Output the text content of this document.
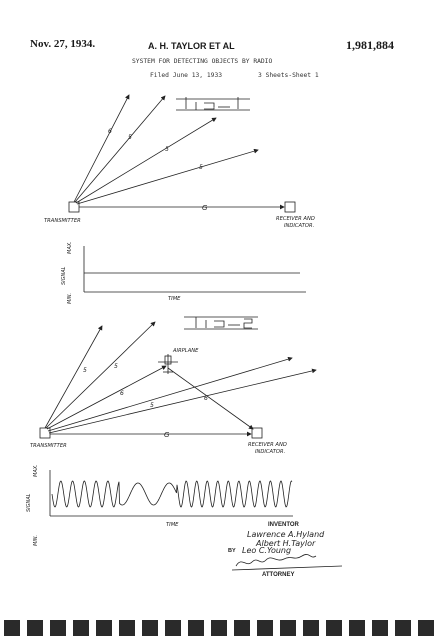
Nov. 27, 1934.	A. H. TAYLOR ET AL	1,981,884
SYSTEM FOR DETECTING OBJECTS BY RADIO
Filed June 13, 1933	3 Sheets-Sheet 1
Fig. 1
TRANSMITTER	RECEIVER AND
INDICATOR.
6
5
5
5
G
SIGNAL
MAX.
MIN.	TIME
Fig. 2
AIRPLANE
TRANSMITTER	RECEIVER AND
INDICATOR.
5
5
6
5
6
G
SIGNAL
MAX.
MIN.
TIME	INVENTOR
Lawrence A.Hyland
Albert H.Taylor
BY Leo C.Young
ATTORNEY
